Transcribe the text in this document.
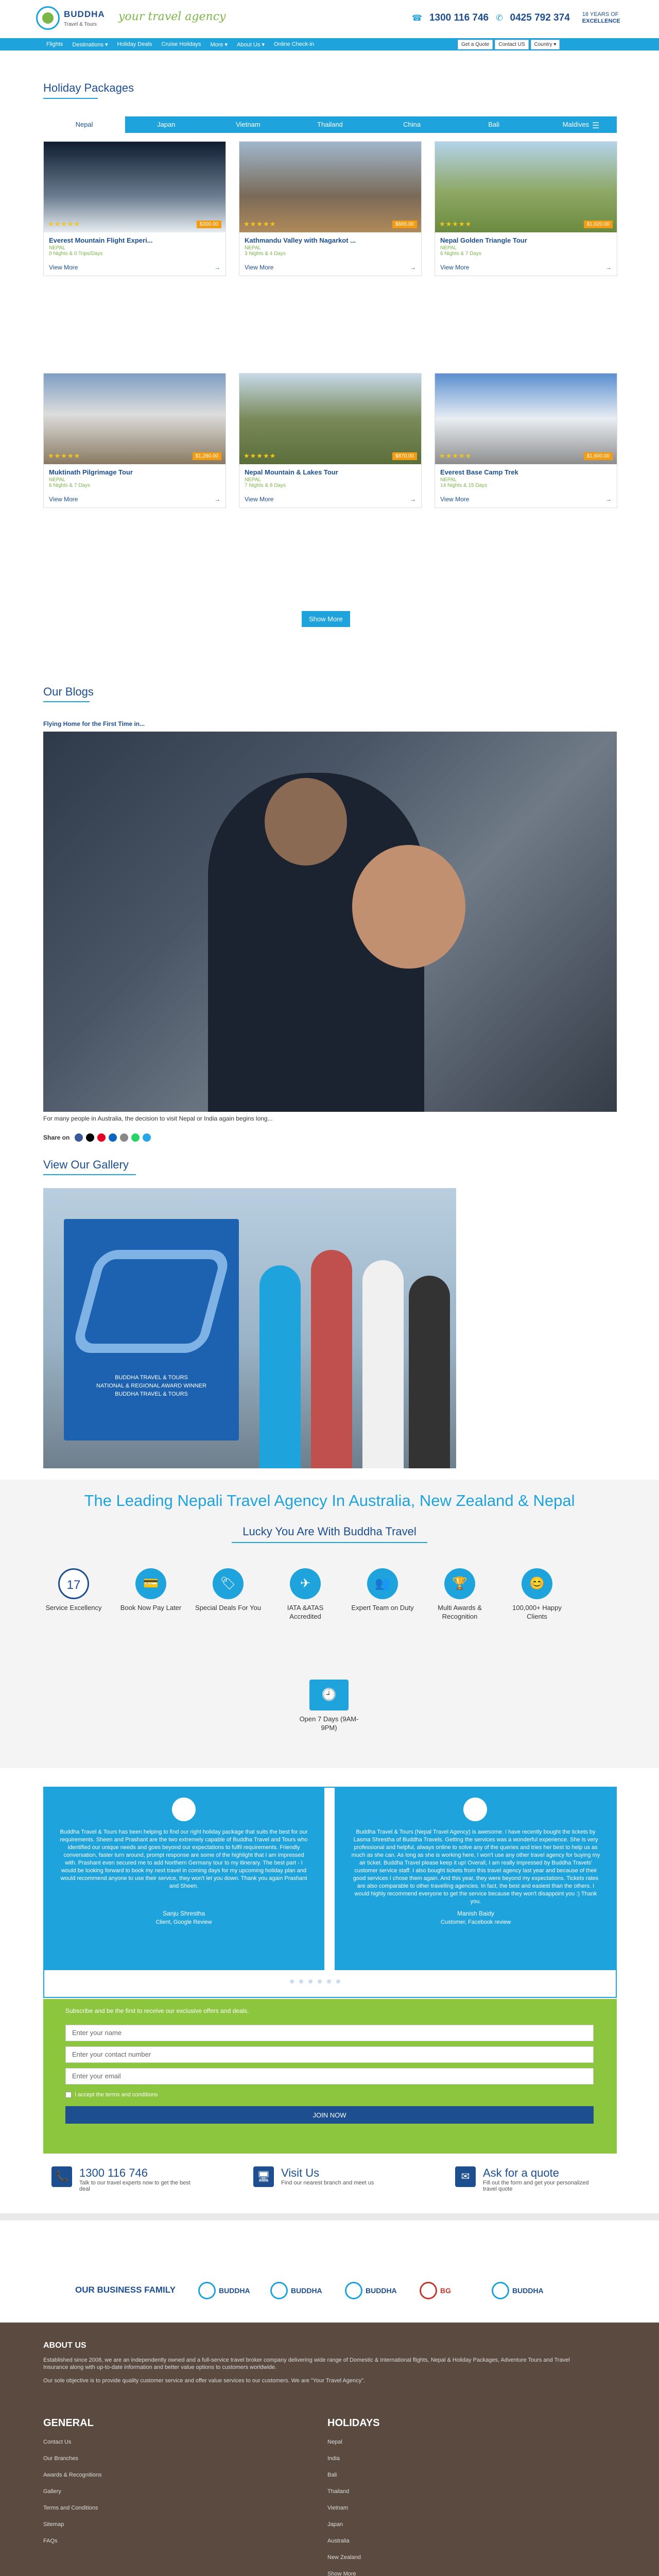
BUDDHA
Travel & Tours
your travel agency	☎ 1300 116 746 ✆ 0425 792 374 18 YEARS OF
EXCELLENCE
Flights Destinations ▾ Holiday Deals Cruise Holidays More ▾ About Us ▾ Online Check-in	Get a Quote	Contact US	Country ▾
Holiday Packages
Nepal	Japan	Vietnam	Thailand	China	Bali	Maldives ☰
★★★★★	$300.00
Everest Mountain Flight Experi...
NEPAL
0 Nights & 0 Trips/Days
View More	→
★★★★★	$665.00
Kathmandu Valley with Nagarkot ...
NEPAL
3 Nights & 4 Days
View More	→
★★★★★	$1,020.00
Nepal Golden Triangle Tour
NEPAL
6 Nights & 7 Days
View More	→
★★★★★	$1,280.00
Muktinath Pilgrimage Tour
NEPAL
6 Nights & 7 Days
View More	→
★★★★★	$870.00
Nepal Mountain & Lakes Tour
NEPAL
7 Nights & 8 Days
View More	→
★★★★★	$1,600.00
Everest Base Camp Trek
NEPAL
14 Nights & 15 Days
View More	→
Show More
Our Blogs
Flying Home for the First Time in...
For many people in Australia, the decision to visit Nepal or India again begins long...
Share on
View Our Gallery
BUDDHA TRAVEL & TOURS
NATIONAL & REGIONAL AWARD WINNER
BUDDHA TRAVEL & TOURS
The Leading Nepali Travel Agency In Australia, New Zealand & Nepal
Lucky You Are With Buddha Travel
17
Service Excellency
💳
Book Now Pay Later
🏷
Special Deals For You
✈
IATA &ATAS Accredited
👥
Expert Team on Duty
🏆
Multi Awards & Recognition
😊
100,000+ Happy Clients
🕘
Open 7 Days (9AM-9PM)
Buddha Travel & Tours has been helping to find our right holiday package that suits the best for our requirements. Sheen and Prashant are the two extremely capable of Buddha Travel and Tours who identified our unique needs and goes beyond our expectations to fulfil requirements. Friendly conversation, faster turn around, prompt response are some of the highlight that I am impressed with. Prashant even secured me to add Northern Germany tour to my itinerary. The best part - I would be looking forward to book my next travel in coming days for my upcoming holiday plan and would recommend anyone to use their service, they won't let you down. Thank you again Prashant and Sheen.
Sanju Shrestha
Client, Google Review
Buddha Travel & Tours (Nepal Travel Agency) is awesome. I have recently bought the tickets by Lasma Shrestha of Buddha Travels. Getting the services was a wonderful experience. She is very professional and helpful, always online to solve any of the queries and tries her best to help us as much as she can. As long as she is working here, I won't use any other travel agency for buying my air ticket. Buddha Travel please keep it up! Overall, I am really impressed by Buddha Travels' customer service staff. I also bought tickets from this travel agency last year and because of their good services I chose them again. And this year, they were beyond my expectations. Tickets rates are also comparable to other travelling agencies. In fact, the best and easiest than the others. I would highly recommend everyone to get the service because they won't disappoint you :) Thank you.
Manish Baidy
Customer, Facebook review
Subscribe and be the first to receive our exclusive offers and deals.
Enter your name
Enter your contact number
Enter your email
I accept the terms and conditions
JOIN NOW
📞 1300 116 746
Talk to our travel experts now to get the best deal
🖥 Visit Us
Find our nearest branch and meet us
✉	Ask for a quote
Fill out the form and get your personalized travel quote
OUR BUSINESS FAMILY	BUDDHA	BUDDHA	BUDDHA	BG	BUDDHA
ABOUT US
Established since 2008, we are an independently owned and a full-service travel broker company delivering wide range of Domestic & International flights, Nepal & Holiday Packages, Adventure Tours and Travel Insurance along with up-to-date information and better value options to customers worldwide.
Our sole objective is to provide quality customer service and offer value services to our customers. We are "Your Travel Agency".
GENERAL
Contact Us
Our Branches
Awards & Recognitions
Gallery
Terms and Conditions
Sitemap
FAQs
HOLIDAYS
Nepal
India
Bali
Thailand
Vietnam
Japan
Australia
New Zealand
Show More
